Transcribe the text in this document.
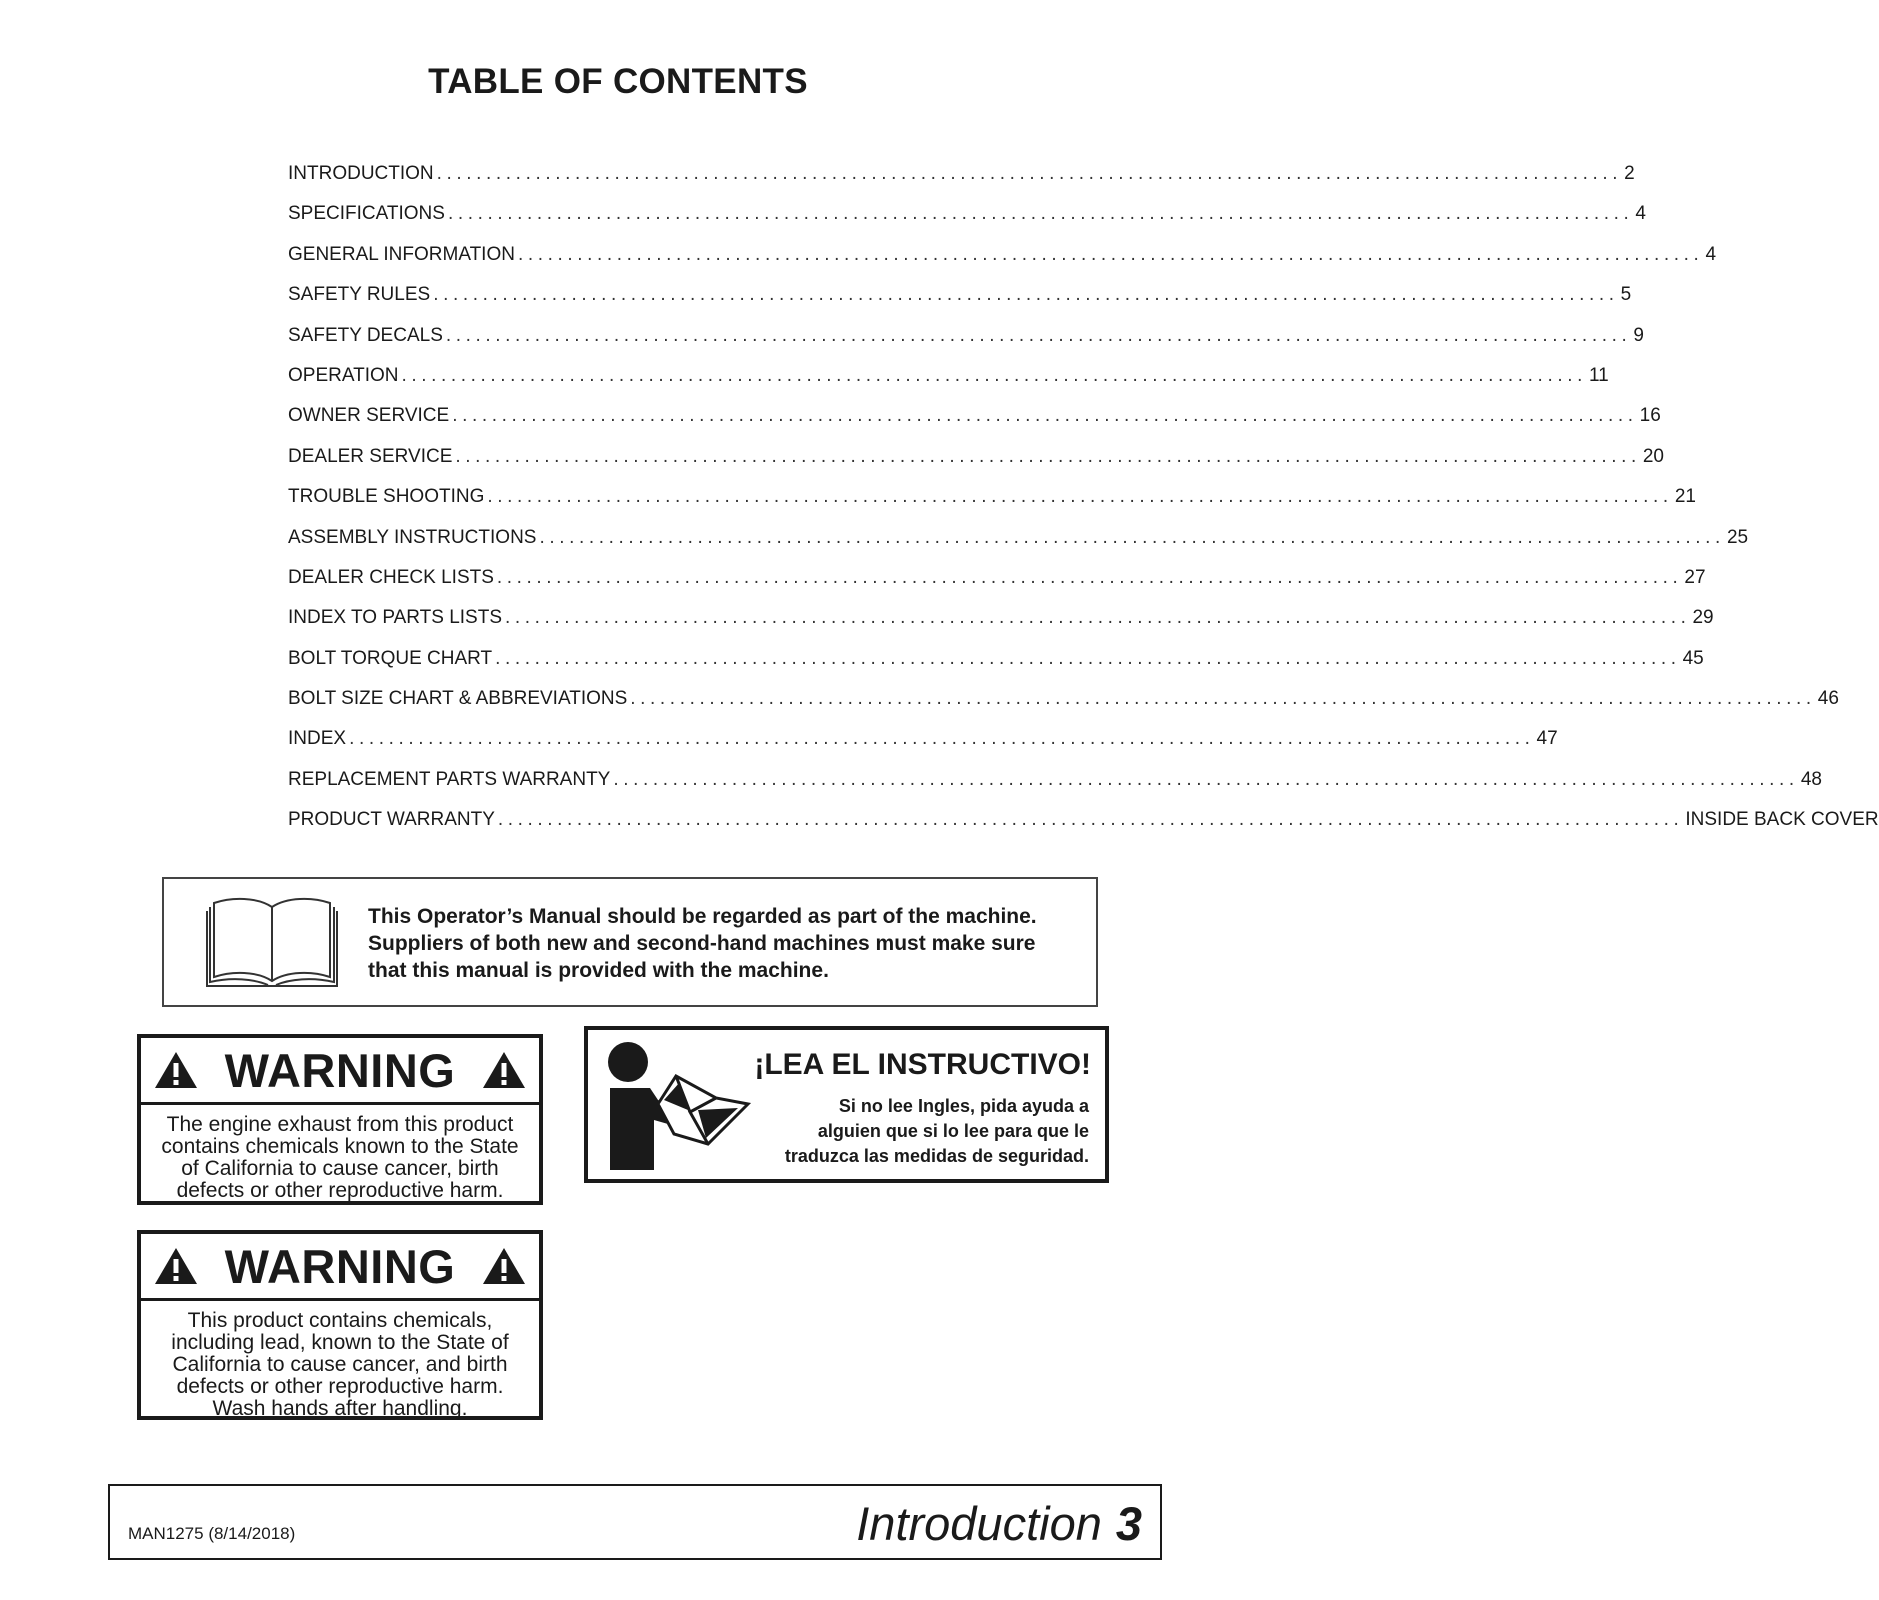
TABLE OF CONTENTS
INTRODUCTION ........................................................................................................................ 2
SPECIFICATIONS ........................................................................................................................ 4
GENERAL INFORMATION ........................................................................................................................ 4
SAFETY RULES ........................................................................................................................ 5
SAFETY DECALS ........................................................................................................................ 9
OPERATION ........................................................................................................................ 11
OWNER SERVICE ........................................................................................................................ 16
DEALER SERVICE ........................................................................................................................ 20
TROUBLE SHOOTING ........................................................................................................................ 21
ASSEMBLY INSTRUCTIONS ........................................................................................................................ 25
DEALER CHECK LISTS ........................................................................................................................ 27
INDEX TO PARTS LISTS ........................................................................................................................ 29
BOLT TORQUE CHART ........................................................................................................................ 45
BOLT SIZE CHART & ABBREVIATIONS ........................................................................................................................ 46
INDEX ........................................................................................................................ 47
REPLACEMENT PARTS WARRANTY ........................................................................................................................ 48
PRODUCT WARRANTY ........................................................................................................................ INSIDE BACK COVER
This Operator’s Manual should be regarded as part of the machine.
Suppliers of both new and second-hand machines must make sure
that this manual is provided with the machine.
WARNING
The engine exhaust from this product
contains chemicals known to the State
of California to cause cancer, birth
defects or other reproductive harm.
WARNING
This product contains chemicals,
including lead, known to the State of
California to cause cancer, and birth
defects or other reproductive harm.
Wash hands after handling.
¡LEA EL INSTRUCTIVO!
Si no lee Ingles, pida ayuda a
alguien que si lo lee para que le
traduzca las medidas de seguridad.
MAN1275 (8/14/2018)	Introduction 3
